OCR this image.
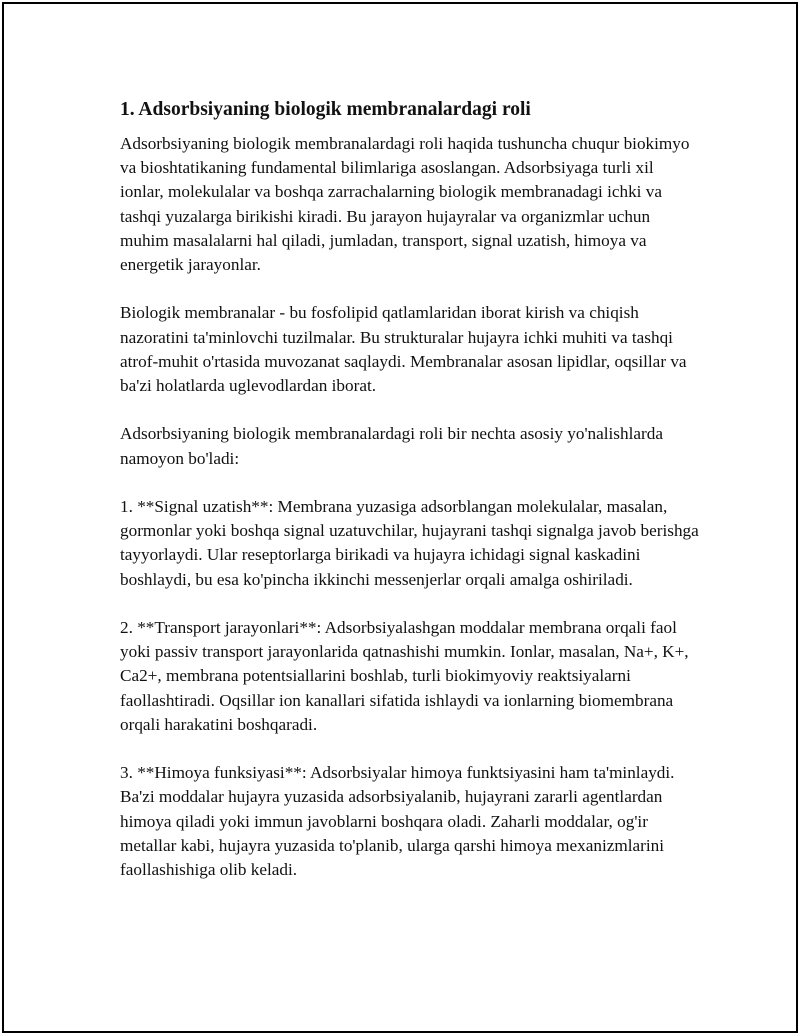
1. Adsorbsiyaning biologik membranalardagi roli

Adsorbsiyaning biologik membranalardagi roli haqida tushuncha chuqur biokimyo va bioshtatikaning fundamental bilimlariga asoslangan. Adsorbsiyaga turli xil ionlar, molekulalar va boshqa zarrachalarning biologik membranadagi ichki va tashqi yuzalarga birikishi kiradi. Bu jarayon hujayralar va organizmlar uchun muhim masalalarni hal qiladi, jumladan, transport, signal uzatish, himoya va energetik jarayonlar.

Biologik membranalar - bu fosfolipid qatlamlaridan iborat kirish va chiqish nazoratini ta'minlovchi tuzilmalar. Bu strukturalar hujayra ichki muhiti va tashqi atrof-muhit o'rtasida muvozanat saqlaydi. Membranalar asosan lipidlar, oqsillar va ba'zi holatlarda uglevodlardan iborat.

Adsorbsiyaning biologik membranalardagi roli bir nechta asosiy yo'nalishlarda namoyon bo'ladi:

1. **Signal uzatish**: Membrana yuzasiga adsorblangan molekulalar, masalan, gormonlar yoki boshqa signal uzatuvchilar, hujayrani tashqi signalga javob berishga tayyorlaydi. Ular reseptorlarga birikadi va hujayra ichidagi signal kaskadini boshlaydi, bu esa ko'pincha ikkinchi messenjerlar orqali amalga oshiriladi.

2. **Transport jarayonlari**: Adsorbsiyalashgan moddalar membrana orqali faol yoki passiv transport jarayonlarida qatnashishi mumkin. Ionlar, masalan, Na+, K+, Ca2+, membrana potentsiallarini boshlab, turli biokimyoviy reaktsiyalarni faollashtiradi. Oqsillar ion kanallari sifatida ishlaydi va ionlarning biomembrana orqali harakatini boshqaradi.

3. **Himoya funksiyasi**: Adsorbsiyalar himoya funktsiyasini ham ta'minlaydi. Ba'zi moddalar hujayra yuzasida adsorbsiyalanib, hujayrani zararli agentlardan himoya qiladi yoki immun javoblarni boshqara oladi. Zaharli moddalar, og'ir metallar kabi, hujayra yuzasida to'planib, ularga qarshi himoya mexanizmlarini faollashishiga olib keladi.
